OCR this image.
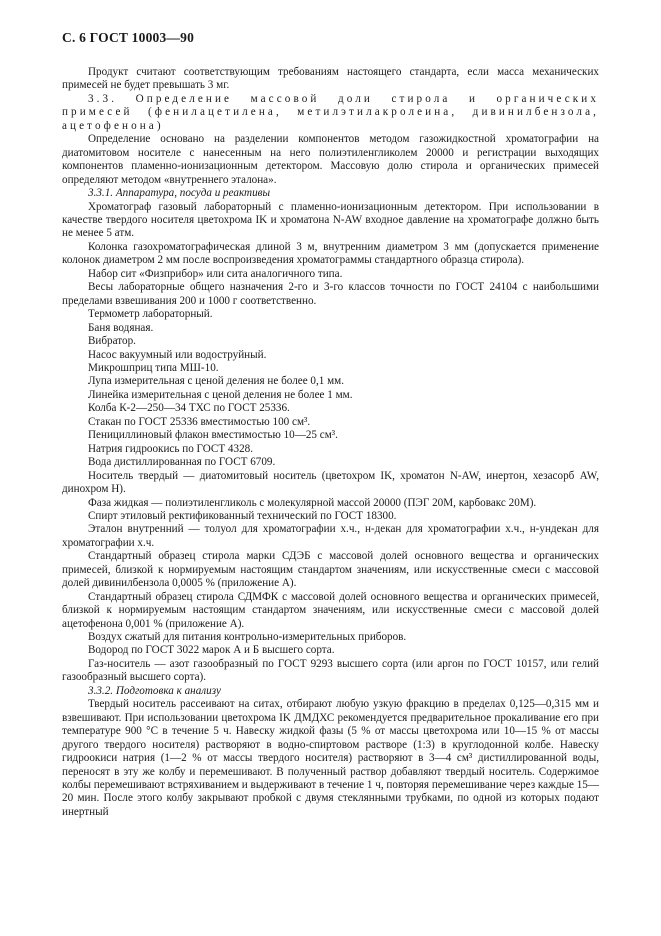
С. 6 ГОСТ 10003—90

Продукт считают соответствующим требованиям настоящего стандарта, если масса механических примесей не будет превышать 3 мг.

3.3. Определение массовой доли стирола и органических примесей (фенилацетилена, метилэтилакролеина, дивинилбензола, ацетофенона)

Определение основано на разделении компонентов методом газожидкостной хроматографии на диатомитовом носителе с нанесенным на него полиэтиленгликолем 20000 и регистрации выходящих компонентов пламенно-ионизационным детектором. Массовую долю стирола и органических примесей определяют методом «внутреннего эталона».

3.3.1. Аппаратура, посуда и реактивы

Хроматограф газовый лабораторный с пламенно-ионизационным детектором. При использовании в качестве твердого носителя цветохрома IK и хроматона N-AW входное давление на хроматографе должно быть не менее 5 атм.

Колонка газохроматографическая длиной 3 м, внутренним диаметром 3 мм (допускается применение колонок диаметром 2 мм после воспроизведения хроматограммы стандартного образца стирола).

Набор сит «Физприбор» или сита аналогичного типа.

Весы лабораторные общего назначения 2-го и 3-го классов точности по ГОСТ 24104 с наибольшими пределами взвешивания 200 и 1000 г соответственно.

Термометр лабораторный.

Баня водяная.

Вибратор.

Насос вакуумный или водоструйный.

Микрошприц типа МШ-10.

Лупа измерительная с ценой деления не более 0,1 мм.

Линейка измерительная с ценой деления не более 1 мм.

Колба К-2—250—34 ТХС по ГОСТ 25336.

Стакан по ГОСТ 25336 вместимостью 100 см³.

Пенициллиновый флакон вместимостью 10—25 см³.

Натрия гидроокись по ГОСТ 4328.

Вода дистиллированная по ГОСТ 6709.

Носитель твердый — диатомитовый носитель (цветохром IK, хроматон N-AW, инертон, хезасорб AW, динохром Н).

Фаза жидкая — полиэтиленгликоль с молекулярной массой 20000 (ПЭГ 20М, карбовакс 20М).

Спирт этиловый ректификованный технический по ГОСТ 18300.

Эталон внутренний — толуол для хроматографии х.ч., н-декан для хроматографии х.ч., н-ундекан для хроматографии х.ч.

Стандартный образец стирола марки СДЭБ с массовой долей основного вещества и органических примесей, близкой к нормируемым настоящим стандартом значениям, или искусственные смеси с массовой долей дивинилбензола 0,0005 % (приложение А).

Стандартный образец стирола СДМФК с массовой долей основного вещества и органических примесей, близкой к нормируемым настоящим стандартом значениям, или искусственные смеси с массовой долей ацетофенона 0,001 % (приложение А).

Воздух сжатый для питания контрольно-измерительных приборов.

Водород по ГОСТ 3022 марок А и Б высшего сорта.

Газ-носитель — азот газообразный по ГОСТ 9293 высшего сорта (или аргон по ГОСТ 10157, или гелий газообразный высшего сорта).

3.3.2. Подготовка к анализу

Твердый носитель рассеивают на ситах, отбирают любую узкую фракцию в пределах 0,125—0,315 мм и взвешивают. При использовании цветохрома IK ДМДХС рекомендуется предварительное прокаливание его при температуре 900 °С в течение 5 ч. Навеску жидкой фазы (5 % от массы цветохрома или 10—15 % от массы другого твердого носителя) растворяют в водно-спиртовом растворе (1:3) в круглодонной колбе. Навеску гидроокиси натрия (1—2 % от массы твердого носителя) растворяют в 3—4 см³ дистиллированной воды, переносят в эту же колбу и перемешивают. В полученный раствор добавляют твердый носитель. Содержимое колбы перемешивают встряхиванием и выдерживают в течение 1 ч, повторяя перемешивание через каждые 15—20 мин. После этого колбу закрывают пробкой с двумя стеклянными трубками, по одной из которых подают инертный
